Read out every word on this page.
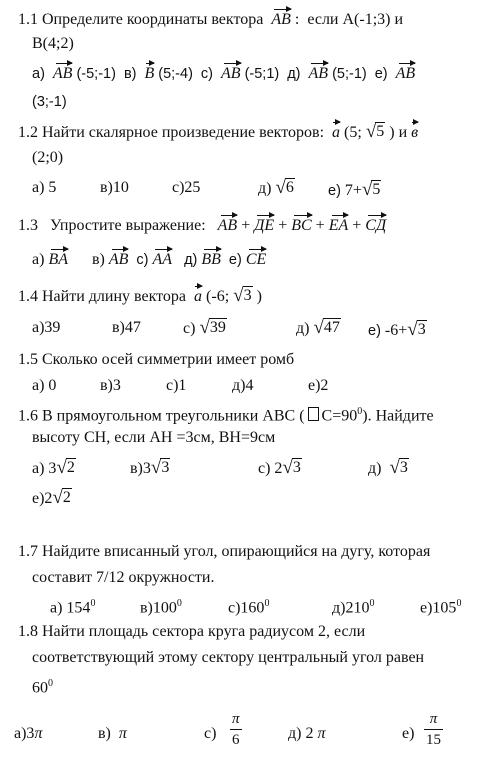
1.1 Определите координаты вектора AB : если A(-1;3) и
B(4;2)
а) AB (-5;-1) в) B (5;-4) с) AB (-5;1) д) AB (5;-1) е) AB
(3;-1)
1.2 Найти скалярное произведение векторов: a (5; √ 5 ) и в
(2;0)
а) 5	в)10	с)25	д) √ 6 е) 7+ √ 5
1.3 Упростите выражение: AB + ДЕ + BC + EA + СД
а) BA в) AB с) AA д) BB е) CE
1.4 Найти длину вектора a (-6; √ 3 )
а)39	в)47	с) √ 39	д) √ 47 е) -6+ √ 3
1.5 Сколько осей симметрии имеет ромб
а) 0	в)3	с)1	д)4	е)2
1.6 В прямоугольном треугольники ABC ( $C=90^0$). Найдите
высоту СН, если АН =3см, ВН=9см
а) 3 √ 2	в)3 √ 3	с) 2 √ 3	д) √ 3
е)2 √ 2
1.7 Найдите вписанный угол, опирающийся на дугу, которая
составит 7/12 окружности.
а) $154^0$	$в)100^0$	$с)160^0$	$д)210^0$	$е)105^0$
1.8 Найти площадь сектора круга радиусом 2, если
соответствующий этому сектору центральный угол равен
$60^0$
а)3π	в) π	с)
π
6	д) 2 π	е)
π
15
